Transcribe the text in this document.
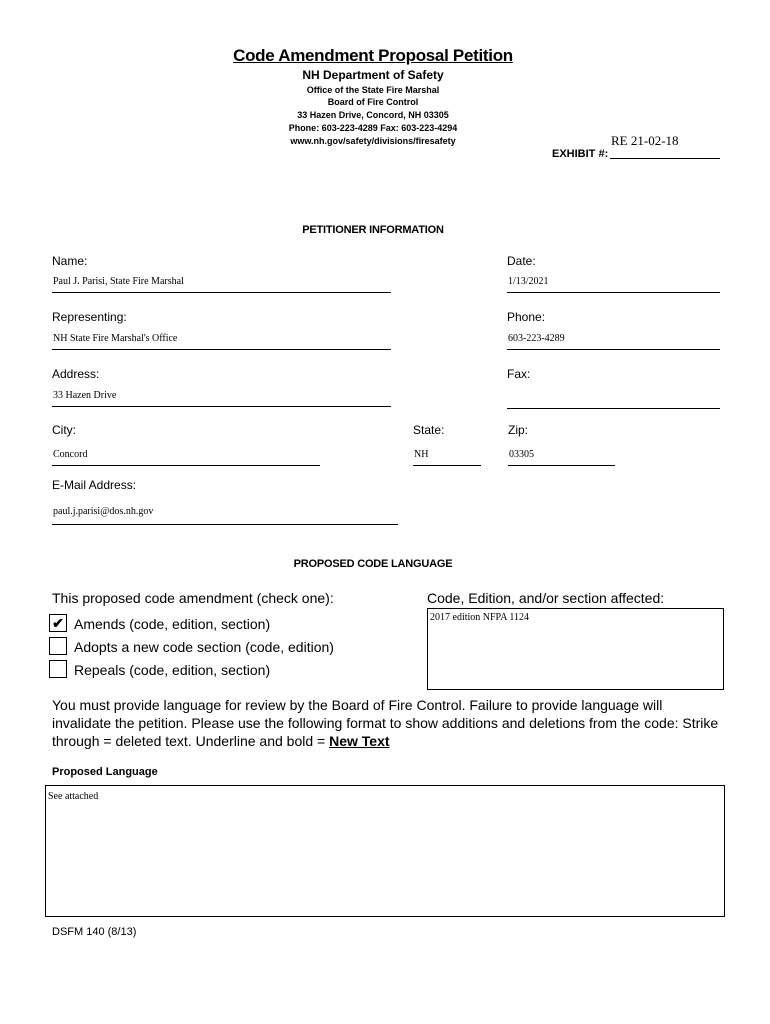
Code Amendment Proposal Petition
NH Department of Safety
Office of the State Fire Marshal
Board of Fire Control
33 Hazen Drive, Concord, NH 03305
Phone: 603-223-4289 Fax: 603-223-4294
www.nh.gov/safety/divisions/firesafety	RE 21-02-18
EXHIBIT #:
PETITIONER INFORMATION
Name:
Paul J. Parisi, State Fire Marshal
Date:
1/13/2021
Representing:
NH State Fire Marshal's Office
Phone:
603-223-4289
Address:
33 Hazen Drive
Fax:
City:
Concord
State:
NH
Zip:
03305
E-Mail Address:
paul.j.parisi@dos.nh.gov
PROPOSED CODE LANGUAGE
This proposed code amendment (check one):	Code, Edition, and/or section affected:
✔ Amends (code, edition, section)
Adopts a new code section (code, edition)
Repeals (code, edition, section)
2017 edition NFPA 1124
You must provide language for review by the Board of Fire Control. Failure to provide language will invalidate the petition. Please use the following format to show additions and deletions from the code: Strike through = deleted text. Underline and bold = New Text
Proposed Language
See attached
DSFM 140 (8/13)
